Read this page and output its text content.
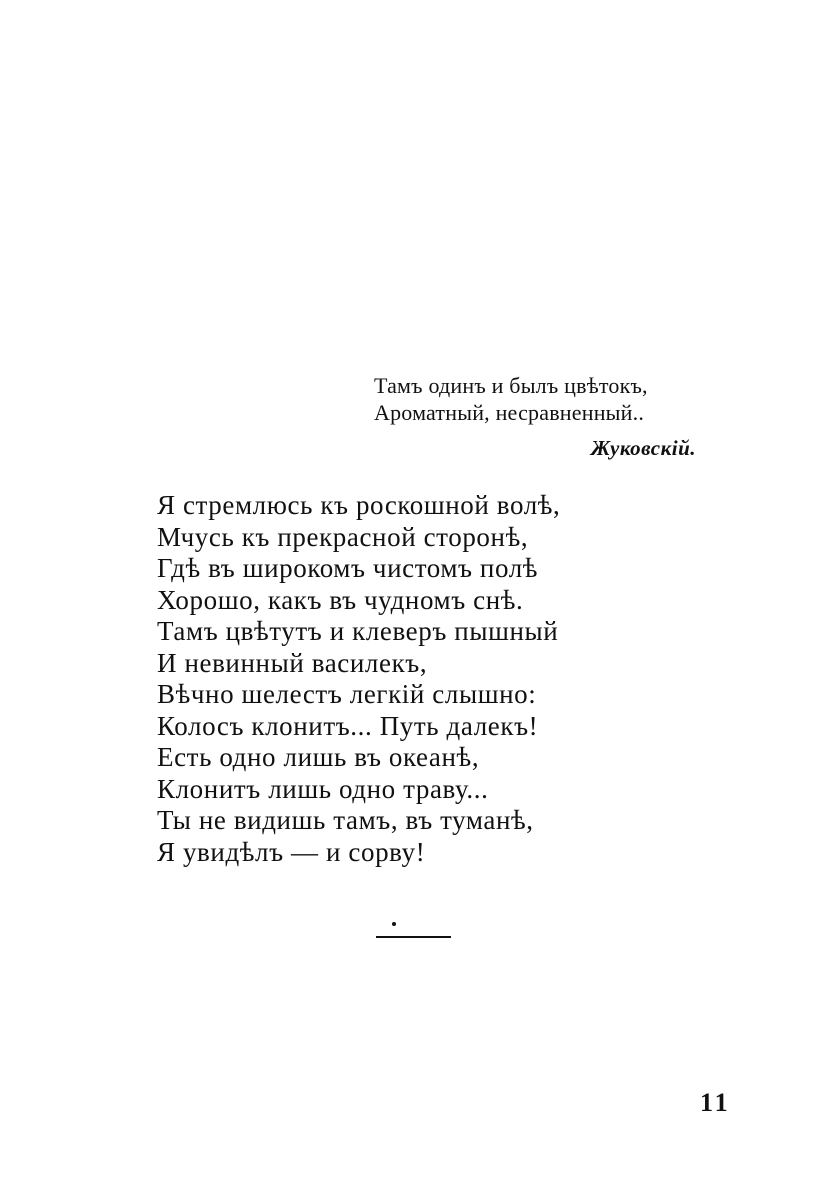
Тамъ одинъ и былъ цвѣтокъ,
Ароматный, несравненный..
Жуковскій.
Я стремлюсь къ роскошной волѣ,
Мчусь къ прекрасной сторонѣ,
Гдѣ въ широкомъ чистомъ полѣ
Хорошо, какъ въ чудномъ снѣ.
Тамъ цвѣтутъ и клеверъ пышный
И невинный василекъ,
Вѣчно шелестъ легкій слышно:
Колосъ клонитъ... Путь далекъ!
Есть одно лишь въ океанѣ,
Клонитъ лишь одно траву...
Ты не видишь тамъ, въ туманѣ,
Я увидѣлъ — и сорву!
11
